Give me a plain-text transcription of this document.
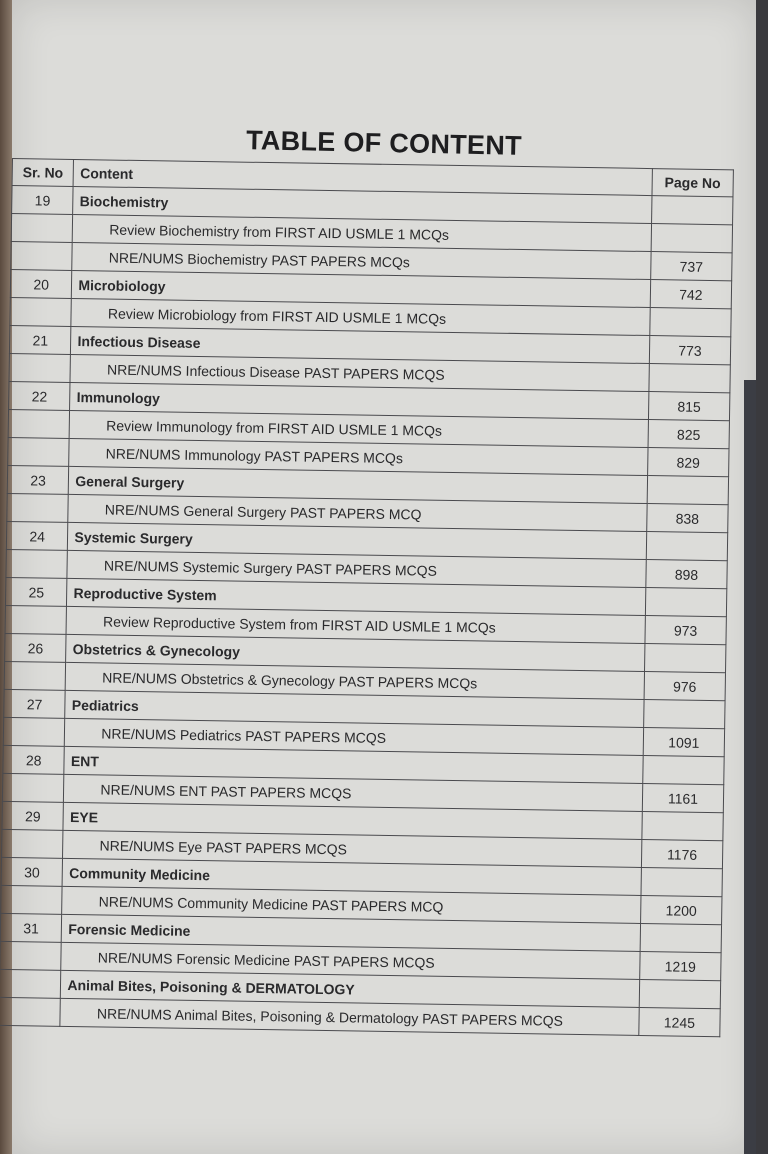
TABLE OF CONTENT
Sr. No	Content	Page No
19	Biochemistry	
	Review Biochemistry from FIRST AID USMLE 1 MCQs	
	NRE/NUMS Biochemistry PAST PAPERS MCQs	737
20	Microbiology	742
	Review Microbiology from FIRST AID USMLE 1 MCQs	
21	Infectious Disease	773
	NRE/NUMS Infectious Disease PAST PAPERS MCQS	
22	Immunology	815
	Review Immunology from FIRST AID USMLE 1 MCQs	825
	NRE/NUMS Immunology PAST PAPERS MCQs	829
23	General Surgery	
	NRE/NUMS General Surgery PAST PAPERS MCQ	838
24	Systemic Surgery	
	NRE/NUMS Systemic Surgery PAST PAPERS MCQS	898
25	Reproductive System	
	Review Reproductive System from FIRST AID USMLE 1 MCQs	973
26	Obstetrics & Gynecology	
	NRE/NUMS Obstetrics & Gynecology PAST PAPERS MCQs	976
27	Pediatrics	
	NRE/NUMS Pediatrics PAST PAPERS MCQS	1091
28	ENT	
	NRE/NUMS ENT PAST PAPERS MCQS	1161
29	EYE	
	NRE/NUMS Eye PAST PAPERS MCQS	1176
30	Community Medicine	
	NRE/NUMS Community Medicine PAST PAPERS MCQ	1200
31	Forensic Medicine	
	NRE/NUMS Forensic Medicine PAST PAPERS MCQS	1219
	Animal Bites, Poisoning & DERMATOLOGY	
	NRE/NUMS Animal Bites, Poisoning & Dermatology PAST PAPERS MCQS	1245
